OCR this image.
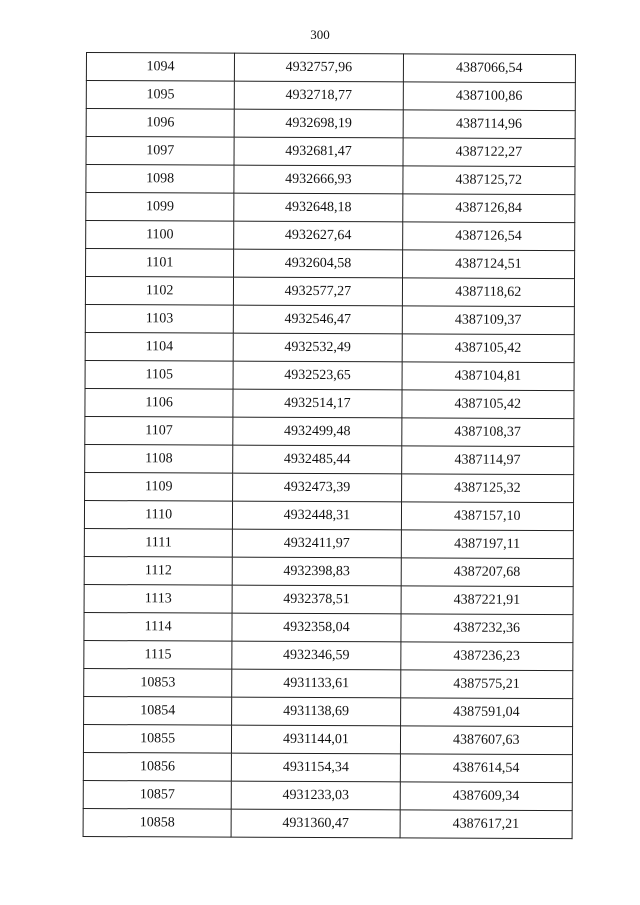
300
1094	4932757,96	4387066,54
1095	4932718,77	4387100,86
1096	4932698,19	4387114,96
1097	4932681,47	4387122,27
1098	4932666,93	4387125,72
1099	4932648,18	4387126,84
1100	4932627,64	4387126,54
1101	4932604,58	4387124,51
1102	4932577,27	4387118,62
1103	4932546,47	4387109,37
1104	4932532,49	4387105,42
1105	4932523,65	4387104,81
1106	4932514,17	4387105,42
1107	4932499,48	4387108,37
1108	4932485,44	4387114,97
1109	4932473,39	4387125,32
1110	4932448,31	4387157,10
1111	4932411,97	4387197,11
1112	4932398,83	4387207,68
1113	4932378,51	4387221,91
1114	4932358,04	4387232,36
1115	4932346,59	4387236,23
10853	4931133,61	4387575,21
10854	4931138,69	4387591,04
10855	4931144,01	4387607,63
10856	4931154,34	4387614,54
10857	4931233,03	4387609,34
10858	4931360,47	4387617,21
